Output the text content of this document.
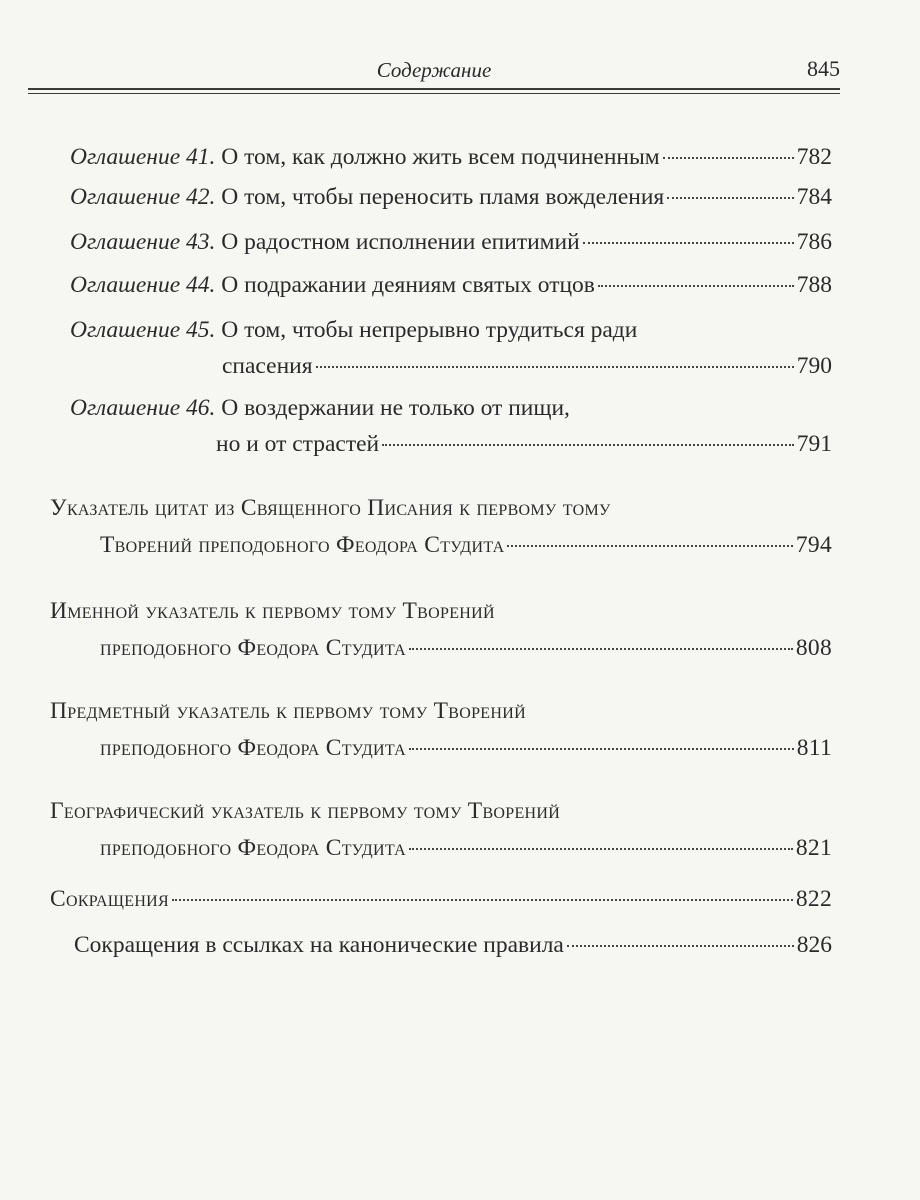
Содержание	845
Оглашение 41.
О том, как должно жить всем подчиненным	782
Оглашение 42.
О том, чтобы переносить пламя вожделения	784
Оглашение 43.
О радостном исполнении епитимий	786
Оглашение 44.
О подражании деяниям святых отцов	788
Оглашение 45.
О том, чтобы непрерывно трудиться ради
спасения	790
Оглашение 46.
О воздержании не только от пищи,
но и от страстей	791
Указатель цитат из Священного Писания к первому тому
Творений преподобного Феодора Студита	794
Именной указатель к первому тому Творений
преподобного Феодора Студита	808
Предметный указатель к первому тому Творений
преподобного Феодора Студита	811
Географический указатель к первому тому Творений
преподобного Феодора Студита	821
Сокращения	822
Сокращения в ссылках на канонические правила	826
